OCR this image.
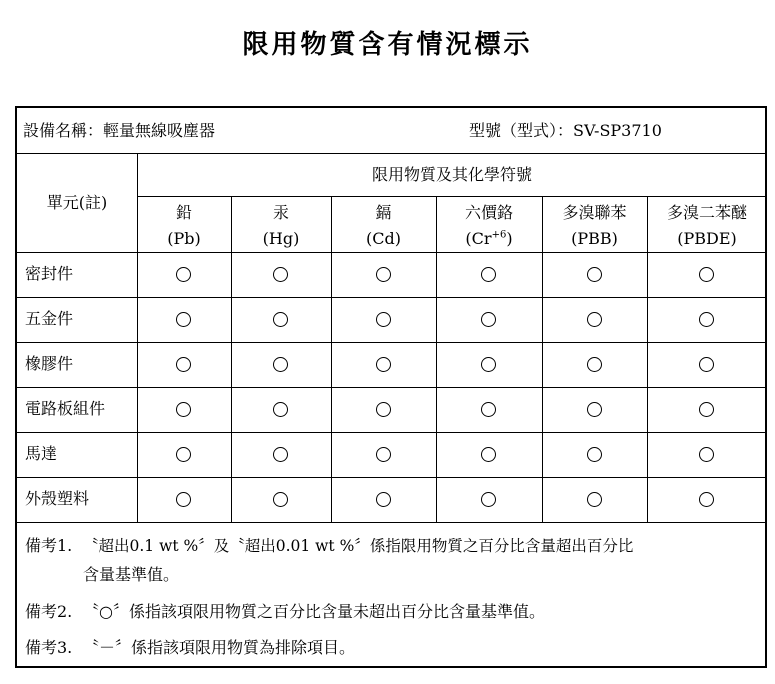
限用物質含有情況標示
設備名稱：輕量無線吸塵器	型號（型式）：SV-SP3710
單元(註)
限用物質及其化學符號
鉛
(Pb)
汞
(Hg)
鎘
(Cd)
六價鉻
$(Cr^{+6})$
多溴聯苯
(PBB)
多溴二苯醚
(PBDE)
密封件
五金件
橡膠件
電路板組件
馬達
外殼塑料
備考1. 〝超出0.1 wt %〞及〝超出0.01 wt %〞係指限用物質之百分比含量超出百分比
含量基準值。
備考2. 〝○〞係指該項限用物質之百分比含量未超出百分比含量基準值。
備考3. 〝－〞係指該項限用物質為排除項目。
